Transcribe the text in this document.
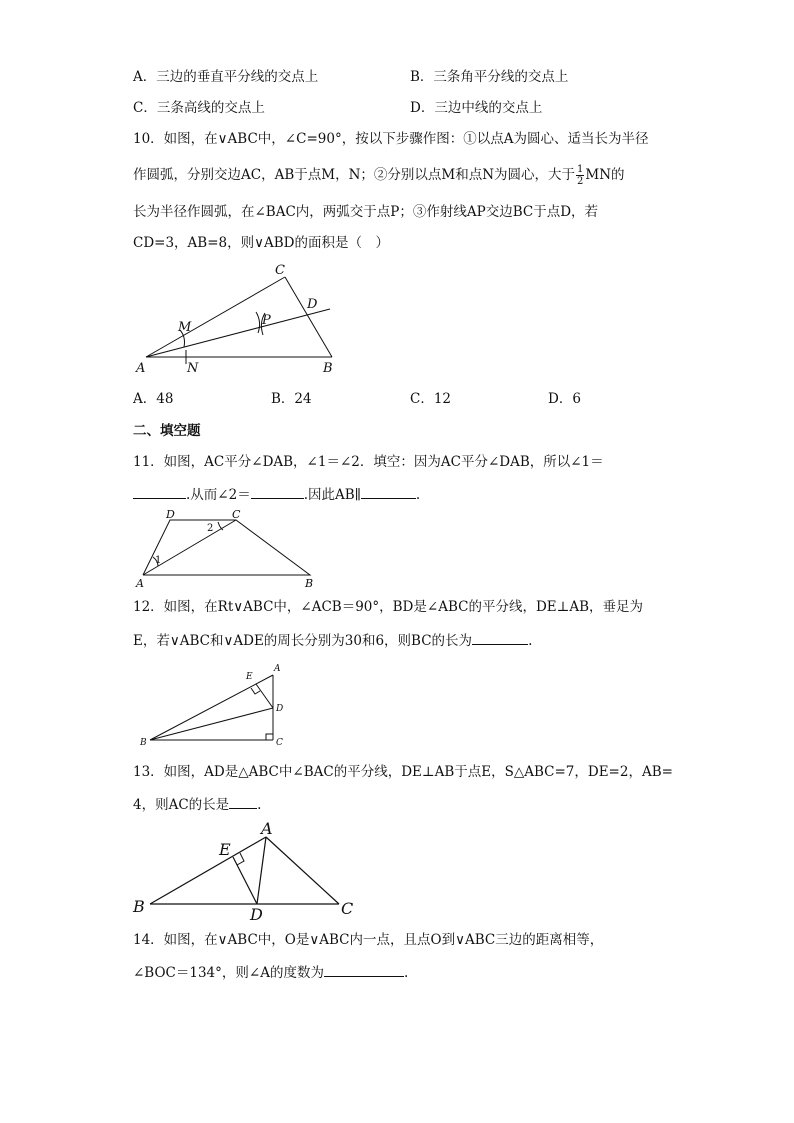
A．三边的垂直平分线的交点上	B．三条角平分线的交点上
C．三条高线的交点上	D．三边中线的交点上
10．如图，在∨ABC中，∠C=90°，按以下步骤作图：①以点A为圆心、适当长为半径
作圆弧，分别交边AC，AB于点M，N；②分别以点M和点N为圆心，大于 $\frac{1}{2}$ MN的
长为半径作圆弧，在∠BAC内，两弧交于点P；③作射线AP交边BC于点D，若
CD=3，AB=8，则∨ABD的面积是（　）
C
D
M	P
A	N	B
A．48	B．24	C．12	D．6
二、填空题
11．如图，AC平分∠DAB，∠1＝∠2．填空：因为AC平分∠DAB，所以∠1＝
.从而∠2＝	.因此AB∥	.
D	C
A	B
1
2
12．如图，在Rt∨ABC中，∠ACB＝90°，BD是∠ABC的平分线，DE⊥AB，垂足为
E，若∨ABC和∨ADE的周长分别为30和6，则BC的长为	.
E
A
D
B	C
13．如图，AD是△ABC中∠BAC的平分线，DE⊥AB于点E，S△ABC=7，DE=2，AB=
4，则AC的长是 .
A
E
B	D	C
14．如图，在∨ABC中，O是∨ABC内一点，且点O到∨ABC三边的距离相等，
∠BOC＝134°，则∠A的度数为	.
